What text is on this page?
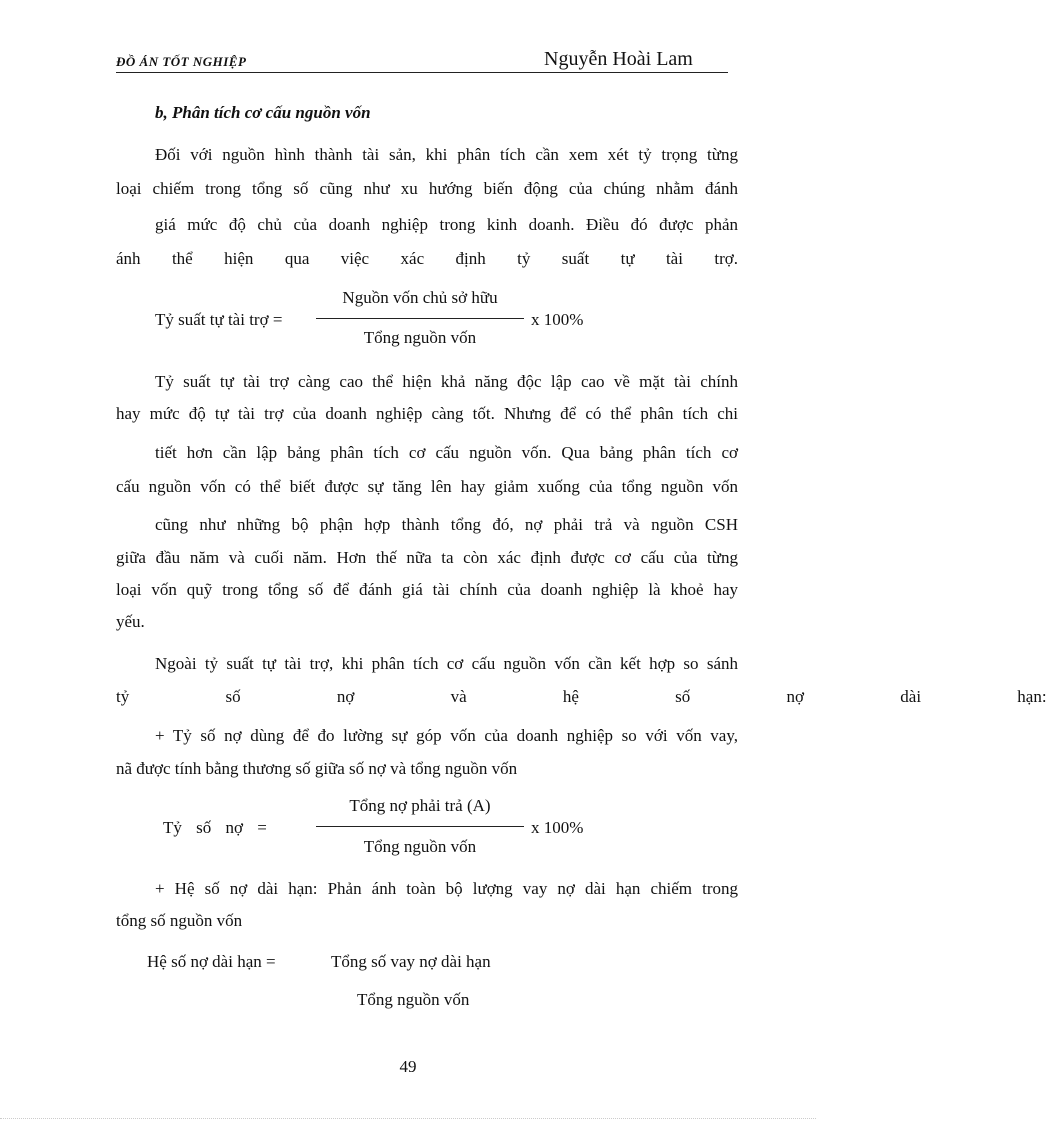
ĐỒ ÁN TỐT NGHIỆP	Nguyễn Hoài Lam
b, Phân tích cơ cấu nguồn vốn
Đối với nguồn hình thành tài sản, khi phân tích cần xem xét tỷ trọng từng
loại chiếm trong tổng số cũng như xu hướng biến động của chúng nhằm đánh
giá mức độ chủ của doanh nghiệp trong kinh doanh. Điều đó được phản
ánh thể hiện qua việc xác định tỷ suất tự tài trợ.
Tỷ suất tự tài trợ =
Nguồn vốn chủ sở hữu
Tổng nguồn vốn
x 100%
Tỷ suất tự tài trợ càng cao thể hiện khả năng độc lập cao về mặt tài chính
hay mức độ tự tài trợ của doanh nghiệp càng tốt. Nhưng để có thể phân tích chi
tiết hơn cần lập bảng phân tích cơ cấu nguồn vốn. Qua bảng phân tích cơ
cấu nguồn vốn có thể biết được sự tăng lên hay giảm xuống của tổng nguồn vốn
cũng như những bộ phận hợp thành tổng đó, nợ phải trả và nguồn CSH
giữa đầu năm và cuối năm. Hơn thế nữa ta còn xác định được cơ cấu của từng
loại vốn quỹ trong tổng số để đánh giá tài chính của doanh nghiệp là khoẻ hay
yếu.
Ngoài tỷ suất tự tài trợ, khi phân tích cơ cấu nguồn vốn cần kết hợp so sánh
tỷ số nợ và hệ số nợ dài hạn:
+ Tỷ số nợ dùng để đo lường sự góp vốn của doanh nghiệp so với vốn vay,
nã được tính bằng thương số giữa số nợ và tổng nguồn vốn
Tỷ số nợ =
Tổng nợ phải trả (A)
Tổng nguồn vốn
x 100%
+ Hệ số nợ dài hạn: Phản ánh toàn bộ lượng vay nợ dài hạn chiếm trong
tổng số nguồn vốn
Hệ số nợ dài hạn =	Tổng số vay nợ dài hạn
Tổng nguồn vốn
49
